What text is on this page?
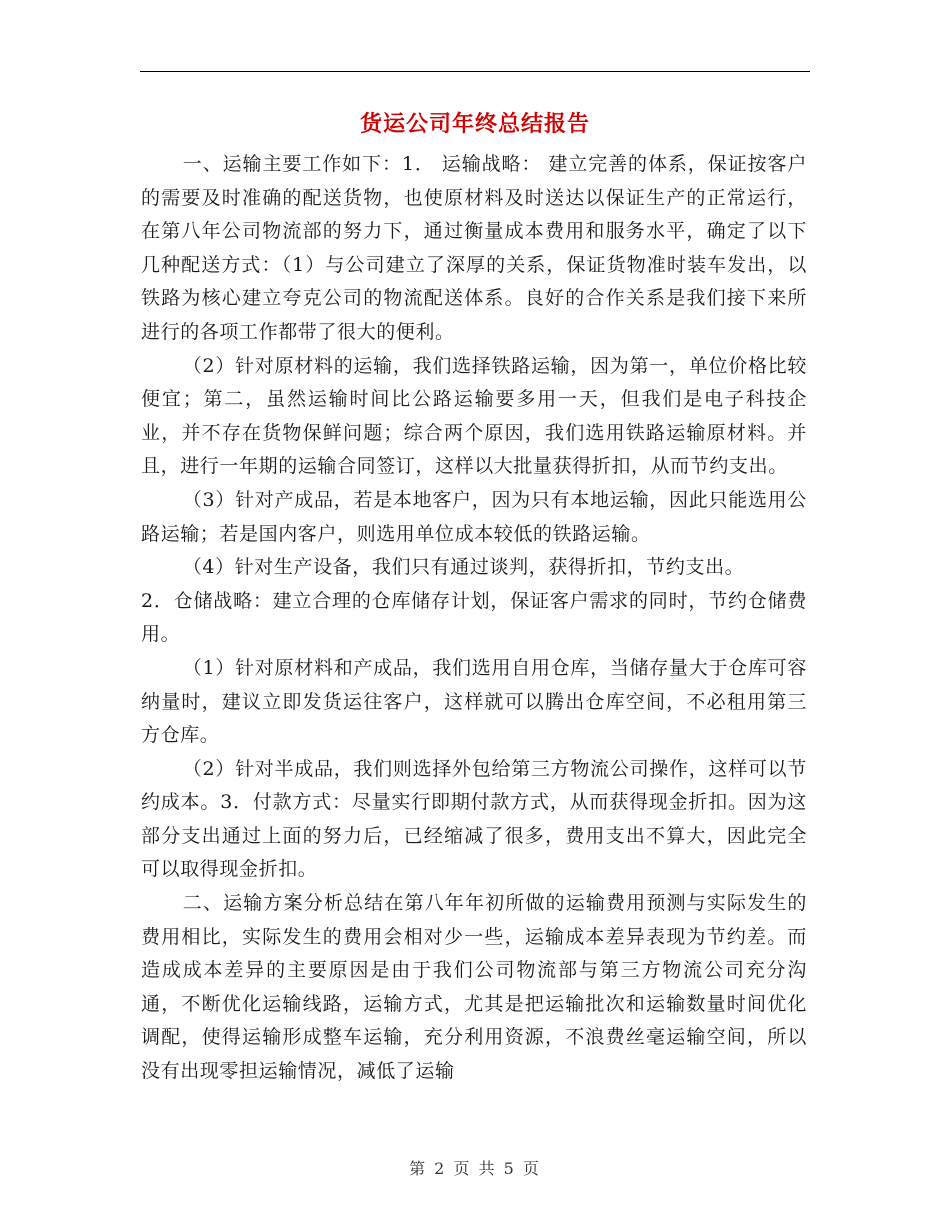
货运公司年终总结报告

一、运输主要工作如下：1． 运输战略： 建立完善的体系，保证按客户的需要及时准确的配送货物，也使原材料及时送达以保证生产的正常运行，在第八年公司物流部的努力下，通过衡量成本费用和服务水平，确定了以下几种配送方式：（1）与公司建立了深厚的关系，保证货物准时装车发出，以铁路为核心建立夸克公司的物流配送体系。良好的合作关系是我们接下来所进行的各项工作都带了很大的便利。

（2）针对原材料的运输，我们选择铁路运输，因为第一，单位价格比较便宜；第二，虽然运输时间比公路运输要多用一天，但我们是电子科技企业，并不存在货物保鲜问题；综合两个原因，我们选用铁路运输原材料。并且，进行一年期的运输合同签订，这样以大批量获得折扣，从而节约支出。

（3）针对产成品，若是本地客户，因为只有本地运输，因此只能选用公路运输；若是国内客户，则选用单位成本较低的铁路运输。

（4）针对生产设备，我们只有通过谈判，获得折扣，节约支出。

2．仓储战略：建立合理的仓库储存计划，保证客户需求的同时，节约仓储费用。

（1）针对原材料和产成品，我们选用自用仓库，当储存量大于仓库可容纳量时，建议立即发货运往客户，这样就可以腾出仓库空间，不必租用第三方仓库。

（2）针对半成品，我们则选择外包给第三方物流公司操作，这样可以节约成本。3．付款方式：尽量实行即期付款方式，从而获得现金折扣。因为这部分支出通过上面的努力后，已经缩减了很多，费用支出不算大，因此完全可以取得现金折扣。

二、运输方案分析总结在第八年年初所做的运输费用预测与实际发生的费用相比，实际发生的费用会相对少一些，运输成本差异表现为节约差。而造成成本差异的主要原因是由于我们公司物流部与第三方物流公司充分沟通，不断优化运输线路，运输方式，尤其是把运输批次和运输数量时间优化调配，使得运输形成整车运输，充分利用资源，不浪费丝毫运输空间，所以没有出现零担运输情况，减低了运输

第 2 页 共 5 页
